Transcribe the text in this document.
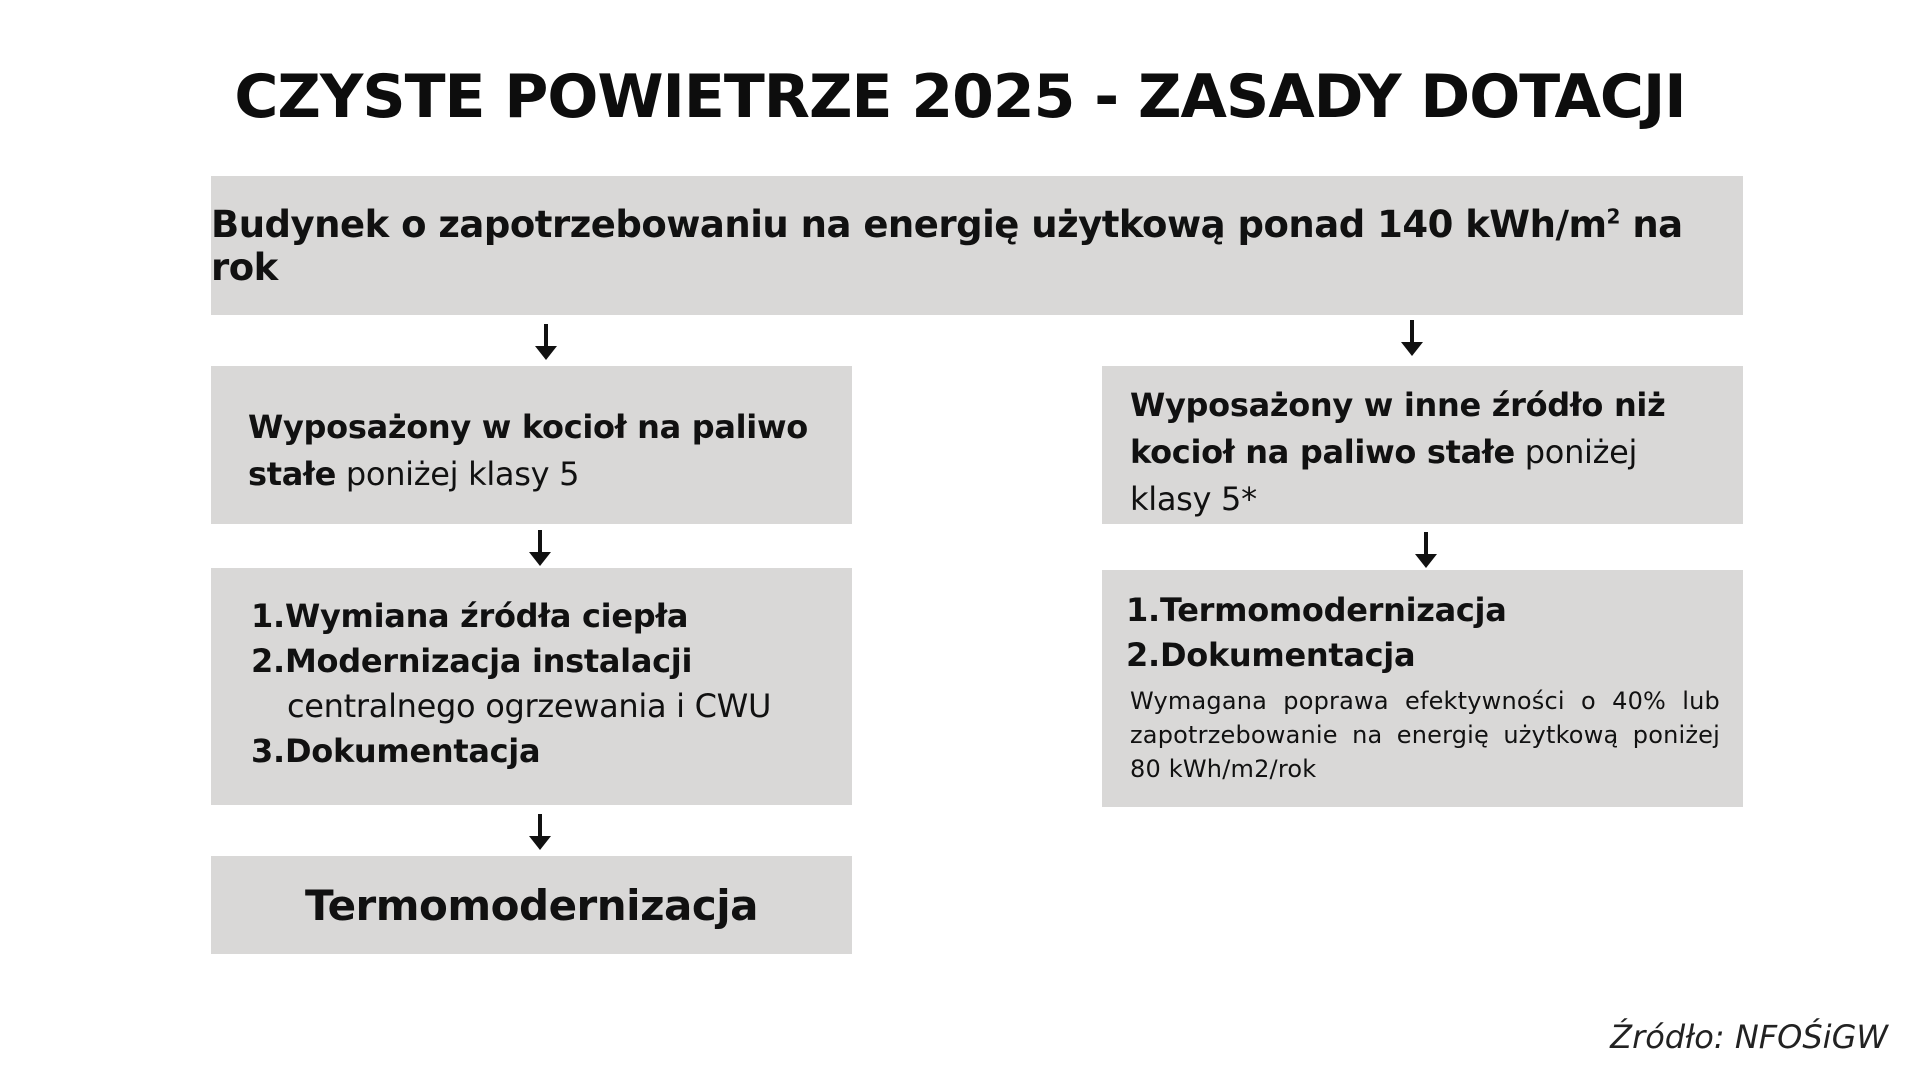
CZYSTE POWIETRZE 2025 - ZASADY DOTACJI
Budynek o zapotrzebowaniu na energię użytkową ponad 140 kWh/$m^2$ na rok
Wyposażony w kocioł na paliwo stałe poniżej klasy 5
1.Wymiana źródła ciepła
2.Modernizacja instalacji
centralnego ogrzewania i CWU
3.Dokumentacja
Termomodernizacja
Wyposażony w inne źródło niż kocioł na paliwo stałe poniżej klasy 5*
1.Termomodernizacja
2.Dokumentacja
Wymagana poprawa efektywności o 40% lub zapotrzebowanie na energię użytkową poniżej 80 kWh/m2/rok
Źródło: NFOŚiGW
